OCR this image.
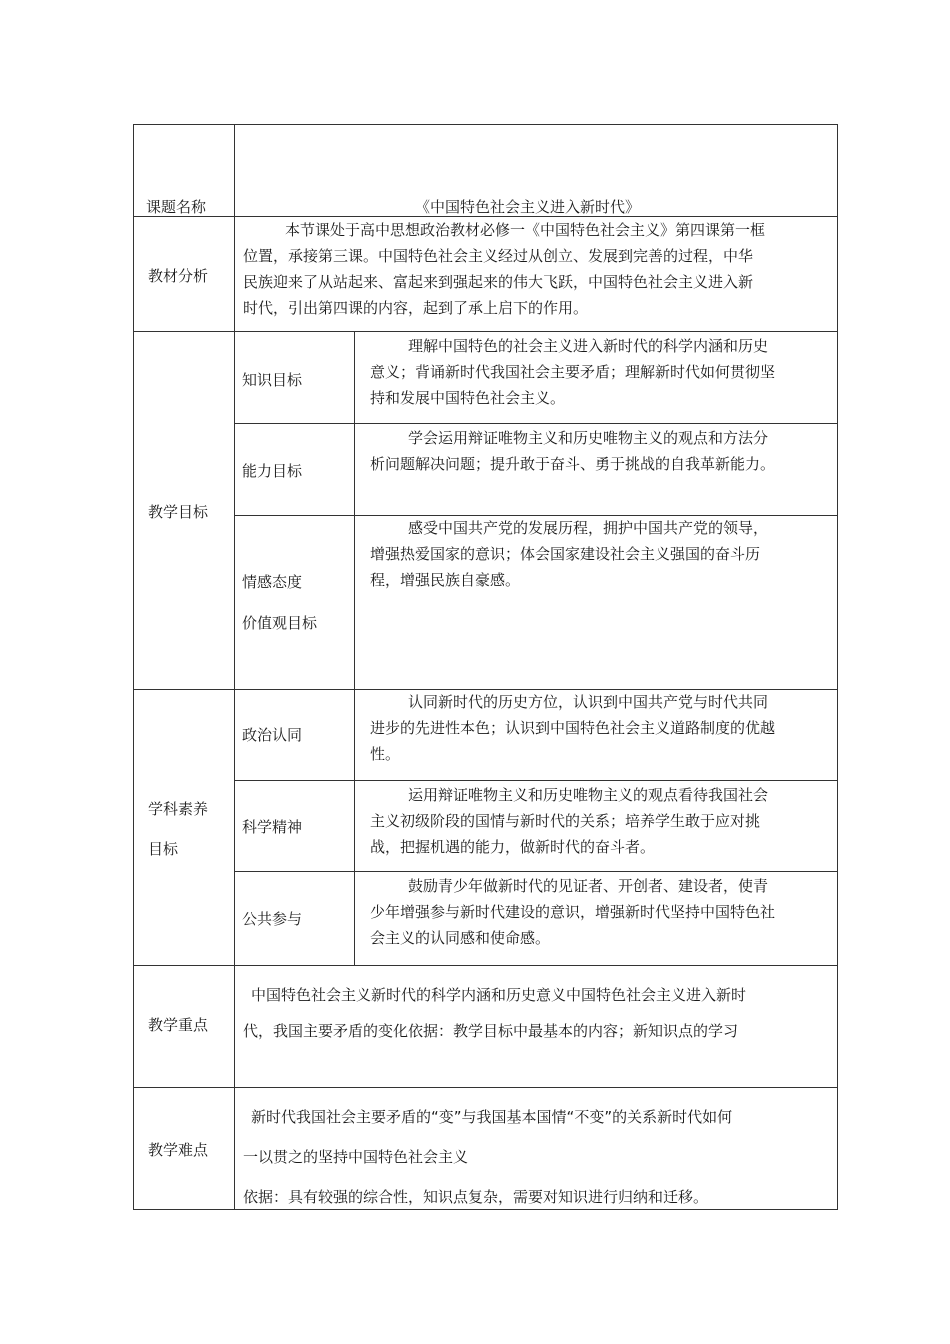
课题名称	《中国特色社会主义进入新时代》
教材分析
本节课处于高中思想政治教材必修一《中国特色社会主义》第四课第一框
位置，承接第三课。中国特色社会主义经过从创立、发展到完善的过程，中华
民族迎来了从站起来、富起来到强起来的伟大飞跃，中国特色社会主义进入新
时代，引出第四课的内容，起到了承上启下的作用。
教学目标
知识目标
理解中国特色的社会主义进入新时代的科学内涵和历史
意义；背诵新时代我国社会主要矛盾；理解新时代如何贯彻坚
持和发展中国特色社会主义。
能力目标
学会运用辩证唯物主义和历史唯物主义的观点和方法分
析问题解决问题；提升敢于奋斗、勇于挑战的自我革新能力。
情感态度
价值观目标
感受中国共产党的发展历程，拥护中国共产党的领导，
增强热爱国家的意识；体会国家建设社会主义强国的奋斗历
程，增强民族自豪感。
学科素养
目标
政治认同
认同新时代的历史方位，认识到中国共产党与时代共同
进步的先进性本色；认识到中国特色社会主义道路制度的优越
性。
科学精神
运用辩证唯物主义和历史唯物主义的观点看待我国社会
主义初级阶段的国情与新时代的关系；培养学生敢于应对挑
战，把握机遇的能力，做新时代的奋斗者。
公共参与
鼓励青少年做新时代的见证者、开创者、建设者，使青
少年增强参与新时代建设的意识，增强新时代坚持中国特色社
会主义的认同感和使命感。
教学重点
中国特色社会主义新时代的科学内涵和历史意义中国特色社会主义进入新时
代，我国主要矛盾的变化依据：教学目标中最基本的内容；新知识点的学习
教学难点
新时代我国社会主要矛盾的“变”与我国基本国情“不变”的关系新时代如何
一以贯之的坚持中国特色社会主义
依据：具有较强的综合性，知识点复杂，需要对知识进行归纳和迁移。
